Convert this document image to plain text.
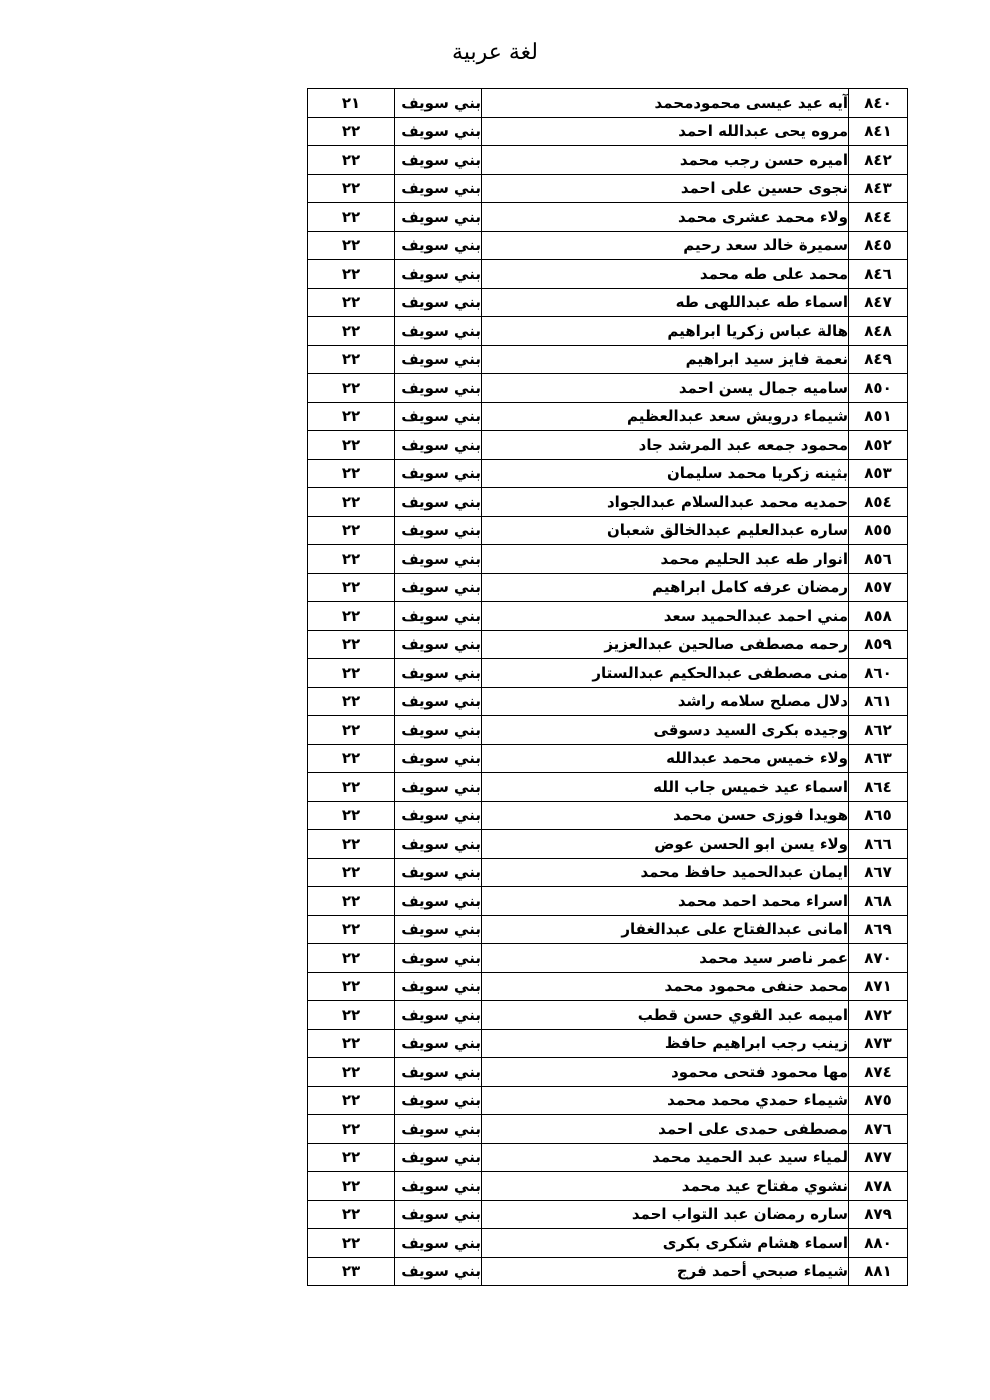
لغة عربية
٨٤٠	آيه عيد عيسى محمودمحمد	بني سويف	٢١
٨٤١	مروه يحى عبدالله احمد	بني سويف	٢٢
٨٤٢	اميره حسن رجب محمد	بني سويف	٢٢
٨٤٣	نجوى حسين على احمد	بني سويف	٢٢
٨٤٤	ولاء محمد عشرى محمد	بني سويف	٢٢
٨٤٥	سميرة خالد سعد رحيم	بني سويف	٢٢
٨٤٦	محمد على طه محمد	بني سويف	٢٢
٨٤٧	اسماء طه عبداللهى طه	بني سويف	٢٢
٨٤٨	هالة عباس زكريا ابراهيم	بني سويف	٢٢
٨٤٩	نعمة فايز سيد ابراهيم	بني سويف	٢٢
٨٥٠	ساميه جمال يسن احمد	بني سويف	٢٢
٨٥١	شيماء درويش سعد عبدالعظيم	بني سويف	٢٢
٨٥٢	محمود جمعه عبد المرشد جاد	بني سويف	٢٢
٨٥٣	بثينه زكريا محمد سليمان	بني سويف	٢٢
٨٥٤	حمديه محمد عبدالسلام عبدالجواد	بني سويف	٢٢
٨٥٥	ساره عبدالعليم عبدالخالق شعبان	بني سويف	٢٢
٨٥٦	انوار طه عبد الحليم محمد	بني سويف	٢٢
٨٥٧	رمضان عرفه كامل ابراهيم	بني سويف	٢٢
٨٥٨	مني احمد عبدالحميد سعد	بني سويف	٢٢
٨٥٩	رحمه مصطفى صالحين عبدالعزيز	بني سويف	٢٢
٨٦٠	منى مصطفى عبدالحكيم عبدالستار	بني سويف	٢٢
٨٦١	دلال مصلح سلامه راشد	بني سويف	٢٢
٨٦٢	وجيده بكرى السيد دسوقى	بني سويف	٢٢
٨٦٣	ولاء خميس محمد عبدالله	بني سويف	٢٢
٨٦٤	اسماء عيد خميس جاب الله	بني سويف	٢٢
٨٦٥	هويدا فوزى حسن محمد	بني سويف	٢٢
٨٦٦	ولاء يسن ابو الحسن عوض	بني سويف	٢٢
٨٦٧	ايمان عبدالحميد حافظ محمد	بني سويف	٢٢
٨٦٨	اسراء محمد احمد محمد	بني سويف	٢٢
٨٦٩	امانى عبدالفتاح على عبدالغفار	بني سويف	٢٢
٨٧٠	عمر ناصر سيد محمد	بني سويف	٢٢
٨٧١	محمد حنفى محمود محمد	بني سويف	٢٢
٨٧٢	اميمه عبد القوي حسن قطب	بني سويف	٢٢
٨٧٣	زينب رجب ابراهيم حافظ	بني سويف	٢٢
٨٧٤	مها محمود فتحى محمود	بني سويف	٢٢
٨٧٥	شيماء حمدي محمد محمد	بني سويف	٢٢
٨٧٦	مصطفى حمدى على احمد	بني سويف	٢٢
٨٧٧	لمياء سيد عبد الحميد محمد	بني سويف	٢٢
٨٧٨	نشوي مفتاح عيد محمد	بني سويف	٢٢
٨٧٩	ساره رمضان عبد التواب احمد	بني سويف	٢٢
٨٨٠	اسماء هشام شكرى بكرى	بني سويف	٢٢
٨٨١	شيماء صبحي أحمد فرج	بني سويف	٢٣
